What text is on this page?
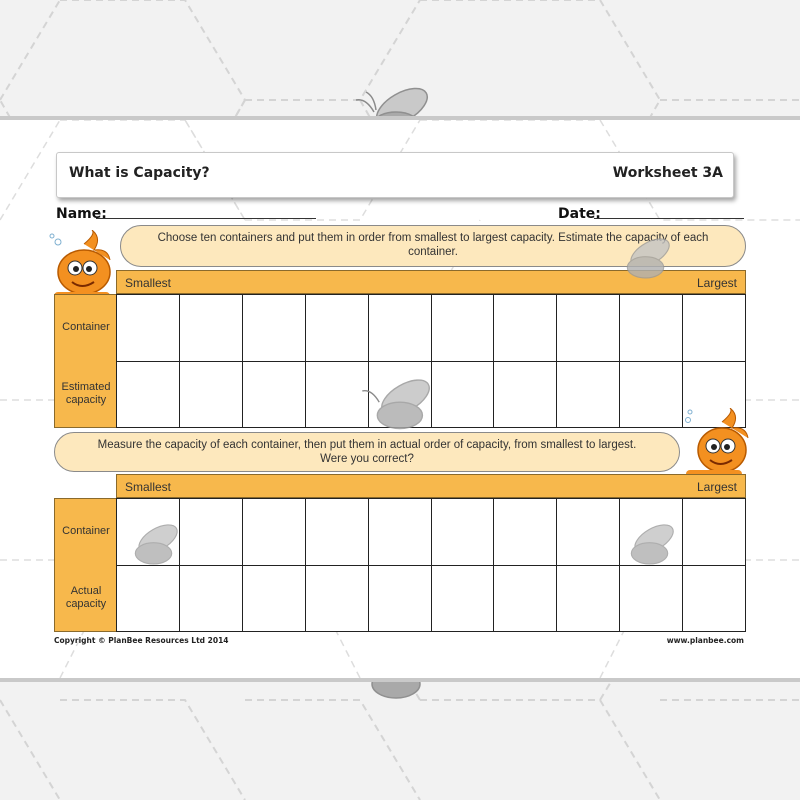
What is Capacity?	Worksheet 3A
Name:	Date:
Choose ten containers and put them in order from smallest to largest capacity. Estimate the capacity of each container.
Smallest	Largest
Container
Estimated capacity
Measure the capacity of each container, then put them in actual order of capacity, from smallest to largest. Were you correct?
Smallest	Largest
Container
Actual capacity
Copyright © PlanBee Resources Ltd 2014	www.planbee.com
